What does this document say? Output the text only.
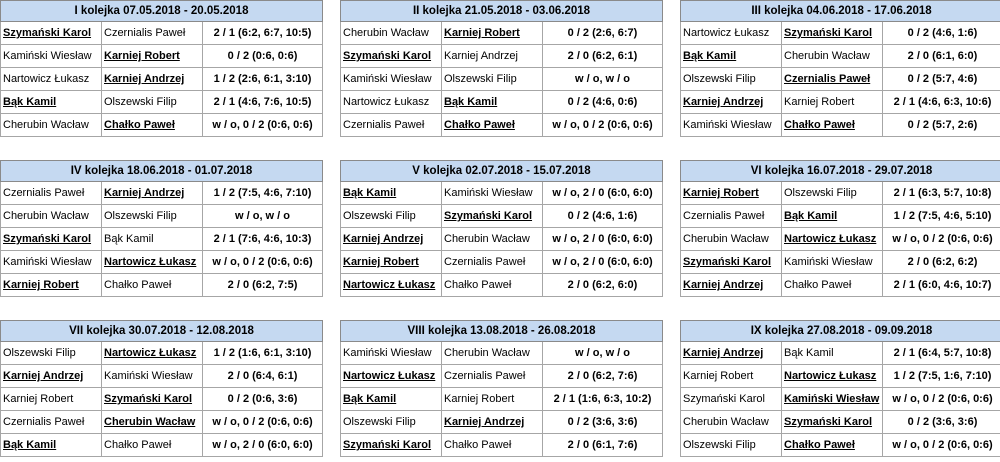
I kolejka 07.05.2018 - 20.05.2018		
Szymański Karol	Czernialis Paweł	2 / 1 (6:2, 6:7, 10:5)
Kamiński Wiesław	Karniej Robert	0 / 2 (0:6, 0:6)
Nartowicz Łukasz	Karniej Andrzej	1 / 2 (2:6, 6:1, 3:10)
Bąk Kamil	Olszewski Filip	2 / 1 (4:6, 7:6, 10:5)
Cherubin Wacław	Chałko Paweł	w / o, 0 / 2 (0:6, 0:6)
II kolejka 21.05.2018 - 03.06.2018		
Cherubin Wacław	Karniej Robert	0 / 2 (2:6, 6:7)
Szymański Karol	Karniej Andrzej	2 / 0 (6:2, 6:1)
Kamiński Wiesław	Olszewski Filip	w / o, w / o
Nartowicz Łukasz	Bąk Kamil	0 / 2 (4:6, 0:6)
Czernialis Paweł	Chałko Paweł	w / o, 0 / 2 (0:6, 0:6)
III kolejka 04.06.2018 - 17.06.2018		
Nartowicz Łukasz	Szymański Karol	0 / 2 (4:6, 1:6)
Bąk Kamil	Cherubin Wacław	2 / 0 (6:1, 6:0)
Olszewski Filip	Czernialis Paweł	0 / 2 (5:7, 4:6)
Karniej Andrzej	Karniej Robert	2 / 1 (4:6, 6:3, 10:6)
Kamiński Wiesław	Chałko Paweł	0 / 2 (5:7, 2:6)
IV kolejka 18.06.2018 - 01.07.2018		
Czernialis Paweł	Karniej Andrzej	1 / 2 (7:5, 4:6, 7:10)
Cherubin Wacław	Olszewski Filip	w / o, w / o
Szymański Karol	Bąk Kamil	2 / 1 (7:6, 4:6, 10:3)
Kamiński Wiesław	Nartowicz Łukasz	w / o, 0 / 2 (0:6, 0:6)
Karniej Robert	Chałko Paweł	2 / 0 (6:2, 7:5)
V kolejka 02.07.2018 - 15.07.2018		
Bąk Kamil	Kamiński Wiesław	w / o, 2 / 0 (6:0, 6:0)
Olszewski Filip	Szymański Karol	0 / 2 (4:6, 1:6)
Karniej Andrzej	Cherubin Wacław	w / o, 2 / 0 (6:0, 6:0)
Karniej Robert	Czernialis Paweł	w / o, 2 / 0 (6:0, 6:0)
Nartowicz Łukasz	Chałko Paweł	2 / 0 (6:2, 6:0)
VI kolejka 16.07.2018 - 29.07.2018		
Karniej Robert	Olszewski Filip	2 / 1 (6:3, 5:7, 10:8)
Czernialis Paweł	Bąk Kamil	1 / 2 (7:5, 4:6, 5:10)
Cherubin Wacław	Nartowicz Łukasz	w / o, 0 / 2 (0:6, 0:6)
Szymański Karol	Kamiński Wiesław	2 / 0 (6:2, 6:2)
Karniej Andrzej	Chałko Paweł	2 / 1 (6:0, 4:6, 10:7)
VII kolejka 30.07.2018 - 12.08.2018		
Olszewski Filip	Nartowicz Łukasz	1 / 2 (1:6, 6:1, 3:10)
Karniej Andrzej	Kamiński Wiesław	2 / 0 (6:4, 6:1)
Karniej Robert	Szymański Karol	0 / 2 (0:6, 3:6)
Czernialis Paweł	Cherubin Wacław	w / o, 0 / 2 (0:6, 0:6)
Bąk Kamil	Chałko Paweł	w / o, 2 / 0 (6:0, 6:0)
VIII kolejka 13.08.2018 - 26.08.2018		
Kamiński Wiesław	Cherubin Wacław	w / o, w / o
Nartowicz Łukasz	Czernialis Paweł	2 / 0 (6:2, 7:6)
Bąk Kamil	Karniej Robert	2 / 1 (1:6, 6:3, 10:2)
Olszewski Filip	Karniej Andrzej	0 / 2 (3:6, 3:6)
Szymański Karol	Chałko Paweł	2 / 0 (6:1, 7:6)
IX kolejka 27.08.2018 - 09.09.2018		
Karniej Andrzej	Bąk Kamil	2 / 1 (6:4, 5:7, 10:8)
Karniej Robert	Nartowicz Łukasz	1 / 2 (7:5, 1:6, 7:10)
Szymański Karol	Kamiński Wiesław	w / o, 0 / 2 (0:6, 0:6)
Cherubin Wacław	Szymański Karol	0 / 2 (3:6, 3:6)
Olszewski Filip	Chałko Paweł	w / o, 0 / 2 (0:6, 0:6)
